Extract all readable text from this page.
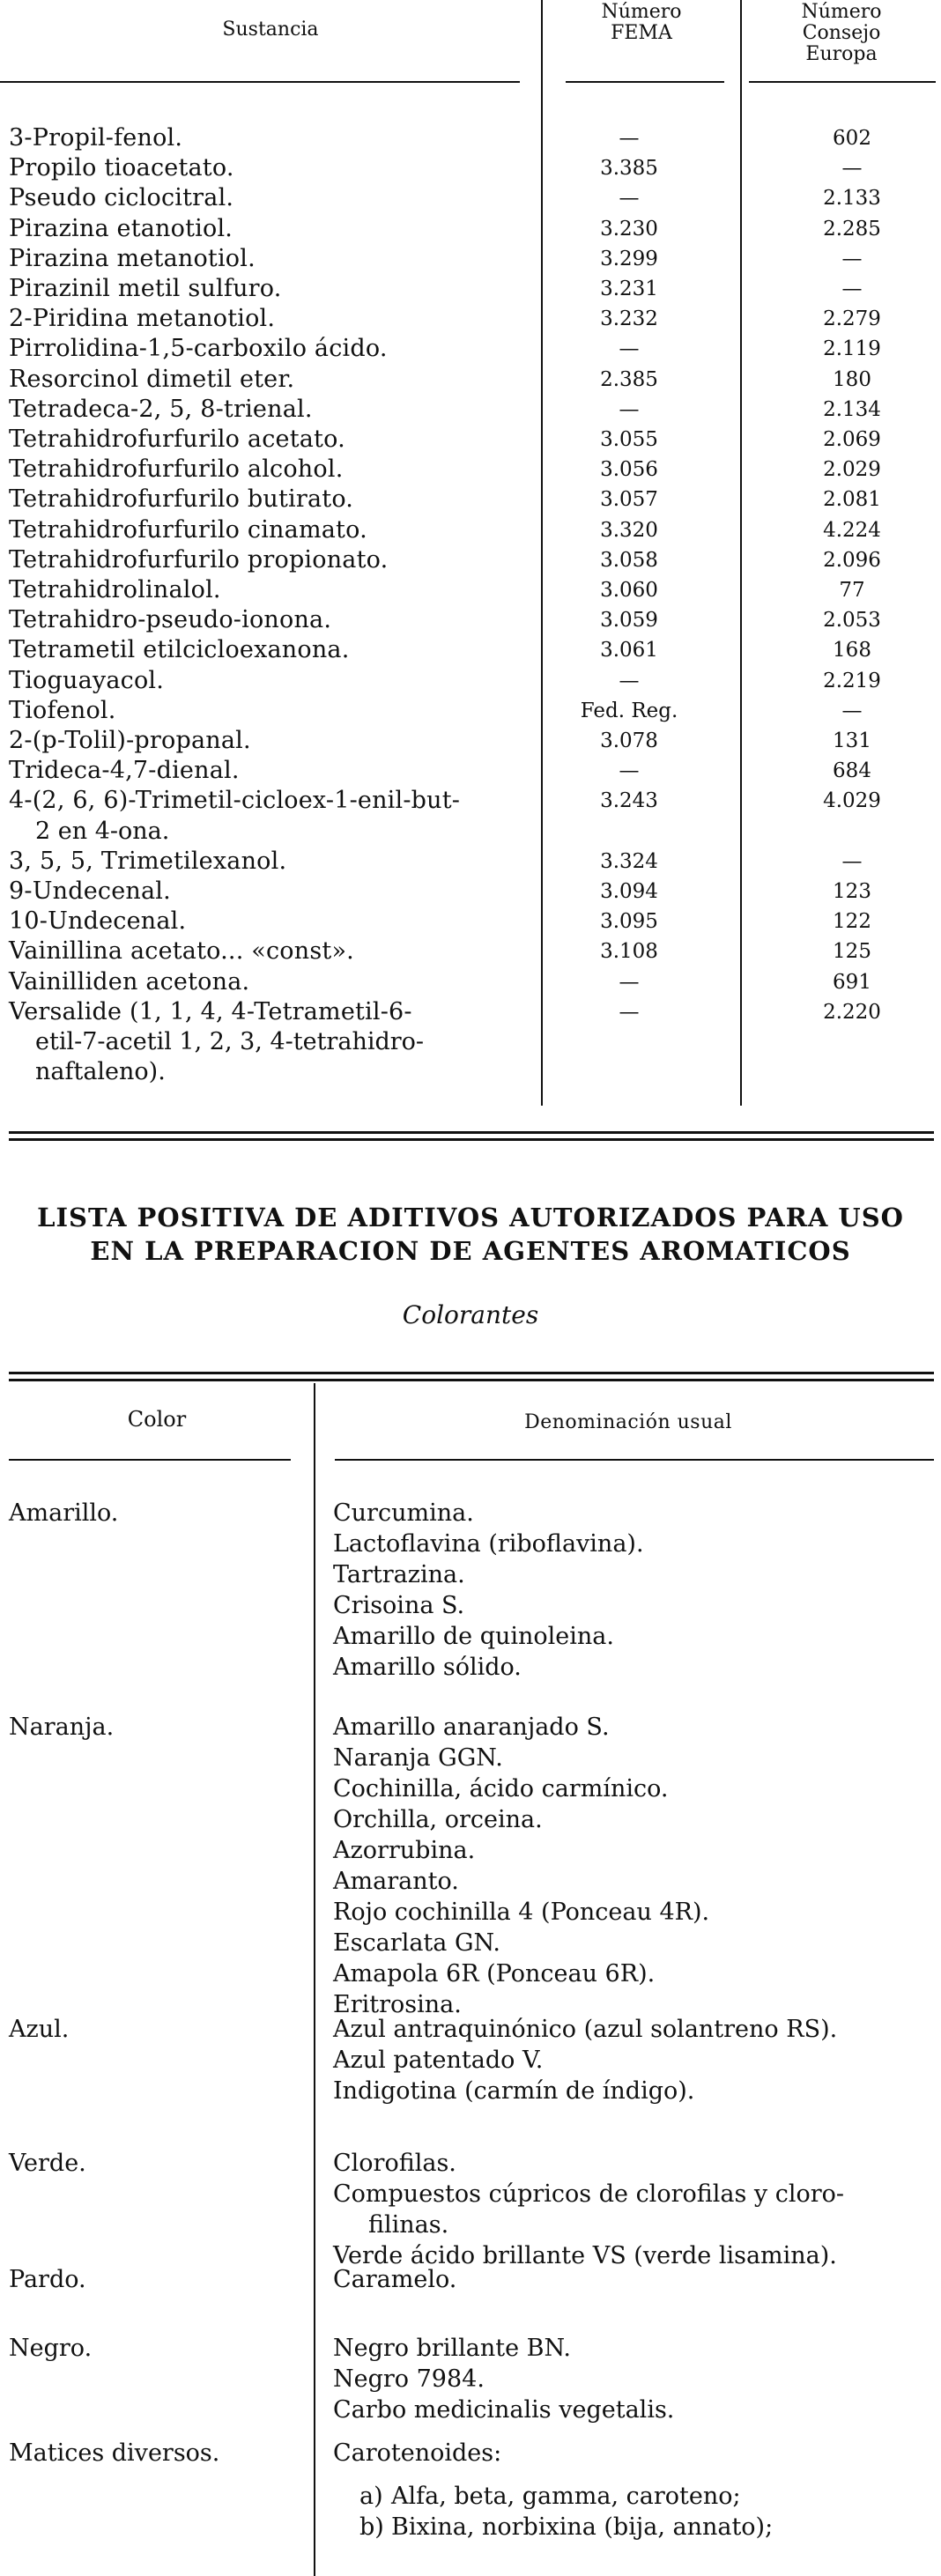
Sustancia
Número
FEMA
Número
Consejo
Europa
3-Propil-fenol.	—	602
Propilo tioacetato.	3.385	—
Pseudo ciclocitral.	—	2.133
Pirazina etanotiol.	3.230	2.285
Pirazina metanotiol.	3.299	—
Pirazinil metil sulfuro.	3.231	—
2-Piridina metanotiol.	3.232	2.279
Pirrolidina-1,5-carboxilo ácido.	—	2.119
Resorcinol dimetil eter.	2.385	180
Tetradeca-2, 5, 8-trienal.	—	2.134
Tetrahidrofurfurilo acetato.	3.055	2.069
Tetrahidrofurfurilo alcohol.	3.056	2.029
Tetrahidrofurfurilo butirato.	3.057	2.081
Tetrahidrofurfurilo cinamato.	3.320	4.224
Tetrahidrofurfurilo propionato.	3.058	2.096
Tetrahidrolinalol.	3.060	77
Tetrahidro-pseudo-ionona.	3.059	2.053
Tetrametil etilcicloexanona.	3.061	168
Tioguayacol.	—	2.219
Tiofenol.	Fed. Reg.	—
2-(p-Tolil)-propanal.	3.078	131
Trideca-4,7-dienal.	—	684
4-(2, 6, 6)-Trimetil-cicloex-1-enil-but-	3.243	4.029
2 en 4-ona.
3, 5, 5, Trimetilexanol.	3.324	—
9-Undecenal.	3.094	123
10-Undecenal.	3.095	122
Vainillina acetato... «const».	3.108	125
Vainilliden acetona.	—	691
Versalide (1, 1, 4, 4-Tetrametil-6-	—	2.220
etil-7-acetil 1, 2, 3, 4-tetrahidro-
naftaleno).
LISTA POSITIVA DE ADITIVOS AUTORIZADOS PARA USO
EN LA PREPARACION DE AGENTES AROMATICOS
Colorantes
Color	Denominación usual
Amarillo.	Curcumina.
Lactoflavina (riboflavina).
Tartrazina.
Crisoina S.
Amarillo de quinoleina.
Amarillo sólido.
Naranja.	Amarillo anaranjado S.
Naranja GGN.
Cochinilla, ácido carmínico.
Orchilla, orceina.
Azorrubina.
Amaranto.
Rojo cochinilla 4 (Ponceau 4R).
Escarlata GN.
Amapola 6R (Ponceau 6R).
Eritrosina.
Azul.	Azul antraquinónico (azul solantreno RS).
Azul patentado V.
Indigotina (carmín de índigo).
Verde.	Clorofilas.
Compuestos cúpricos de clorofilas y cloro-
filinas.
Verde ácido brillante VS (verde lisamina).
Pardo.	Caramelo.
Negro.	Negro brillante BN.
Negro 7984.
Carbo medicinalis vegetalis.
Matices diversos.	Carotenoides:
a) Alfa, beta, gamma, caroteno;
b) Bixina, norbixina (bija, annato);
